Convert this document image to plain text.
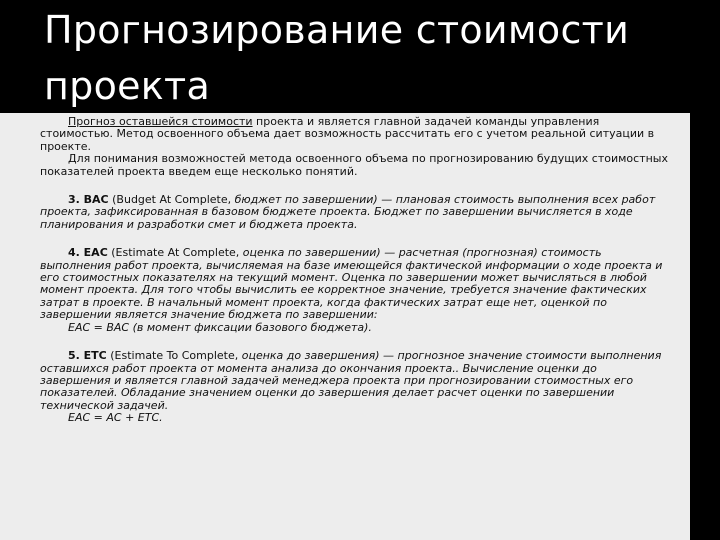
Прогнозирование стоимости проекта

Прогноз оставшейся стоимости проекта и является главной задачей команды управления стоимостью. Метод освоенного объема дает возможность рассчитать его с учетом реальной ситуации в проекте.

Для понимания возможностей метода освоенного объема по прогнозированию будущих стоимостных показателей проекта введем еще несколько понятий.

3. BAC (Budget At Complete, бюджет по завершении) — плановая стоимость выполнения всех работ проекта, зафиксированная в базовом бюджете проекта. Бюджет по завершении вычисляется в ходе планирования и разработки смет и бюджета проекта.

4. EAC (Estimate At Complete, оценка по завершении) — расчетная (прогнозная) стоимость выполнения работ проекта, вычисляемая на базе имеющейся фактической информации о ходе проекта и его стоимостных показателях на текущий момент. Оценка по завершении может вычисляться в любой момент проекта. Для того чтобы вычислить ее корректное значение, требуется значение фактических затрат в проекте. В начальный момент проекта, когда фактических затрат еще нет, оценкой по завершении является значение бюджета по завершении:

EAC = BAC (в момент фиксации базового бюджета).

5. ETC (Estimate To Complete, оценка до завершения) — прогнозное значение стоимости выполнения оставшихся работ проекта от момента анализа до окончания проекта.. Вычисление оценки до завершения и является главной задачей менеджера проекта при прогнозировании стоимостных его показателей. Обладание значением оценки до завершения делает расчет оценки по завершении технической задачей.

EAC = AC + ETC.
